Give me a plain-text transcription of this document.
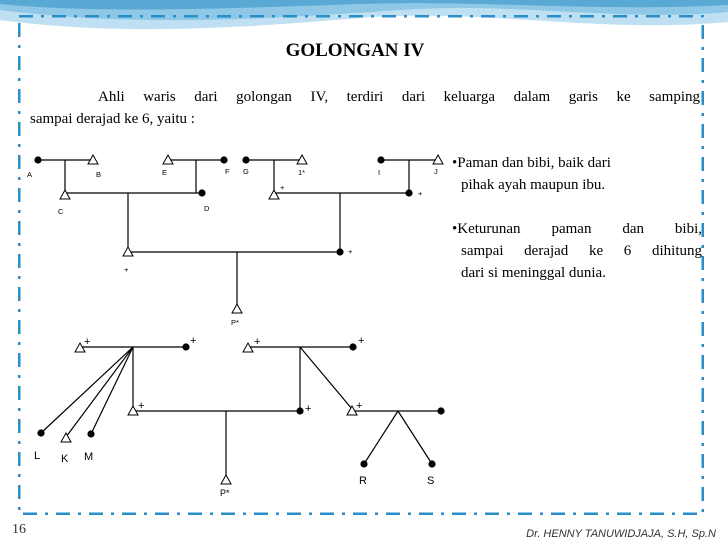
GOLONGAN IV
Ahli waris dari golongan IV, terdiri dari keluarga dalam garis ke samping
sampai derajad ke 6, yaitu :
•Paman dan bibi, baik dari
pihak ayah maupun ibu.
•Keturunan paman dan bibi,
sampai derajad ke 6 dihitung
dari si meninggal dunia.
A	B
C	D
E	F G	1*	I	J
+
+
+
+
P*
+	+	+	+
+	+	+
L K M
R	S
P*
16	Dr. HENNY TANUWIDJAJA, S.H, Sp.N
